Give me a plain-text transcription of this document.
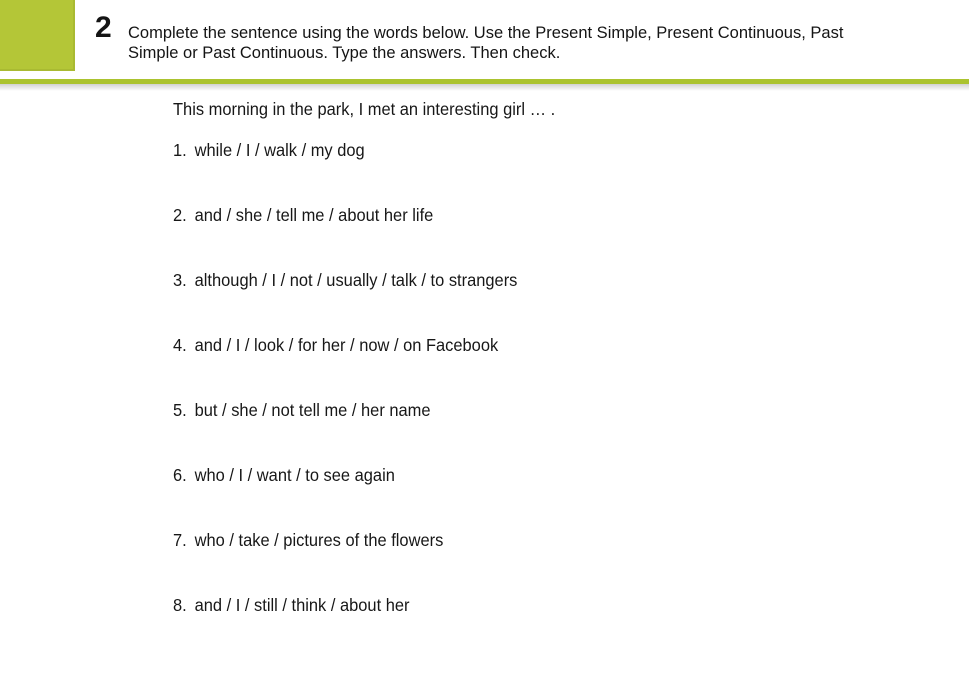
2 Complete the sentence using the words below. Use the Present Simple, Present Continuous, Past Simple or Past Continuous. Type the answers. Then check.

This morning in the park, I met an interesting girl … .

1. while / I / walk / my dog
2. and / she / tell me / about her life
3. although / I / not / usually / talk / to strangers
4. and / I / look / for her / now / on Facebook
5. but / she / not tell me / her name
6. who / I / want / to see again
7. who / take / pictures of the flowers
8. and / I / still / think / about her
